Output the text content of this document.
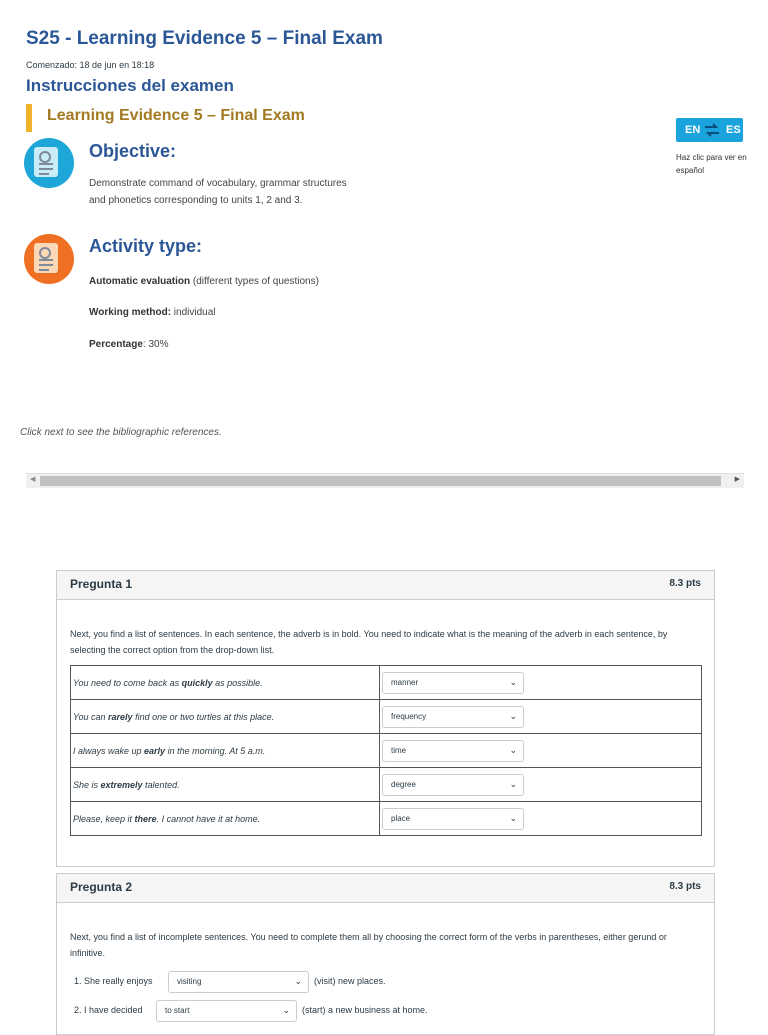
S25 - Learning Evidence 5 – Final Exam
Comenzado: 18 de jun en 18:18
Instrucciones del examen
Learning Evidence 5 – Final Exam
EN ES
Haz clic para ver en español
Objective:
Demonstrate command of vocabulary, grammar structures
and phonetics corresponding to units 1, 2 and 3.
Activity type:
Automatic evaluation (different types of questions)
Working method: individual
Percentage: 30%
Click next to see the bibliographic references.
◀	▶
Pregunta 1	8.3 pts
Next, you find a list of sentences. In each sentence, the adverb is in bold. You need to indicate what is the meaning of the adverb in each sentence, by selecting the correct option from the drop-down list.
You need to come back as quickly as possible.	manner ⌄

You can rarely find one or two turtles at this place.	frequency ⌄

I always wake up early in the morning. At 5 a.m.	time ⌄

She is extremely talented.	degree ⌄

Please, keep it there. I cannot have it at home.	place ⌄
Pregunta 2	8.3 pts
Next, you find a list of incomplete sentences. You need to complete them all by choosing the correct form of the verbs in parentheses, either gerund or infinitive.
1. She really enjoys	visiting	⌄ (visit) new places.
2. I have decided	to start	⌄ (start) a new business at home.
